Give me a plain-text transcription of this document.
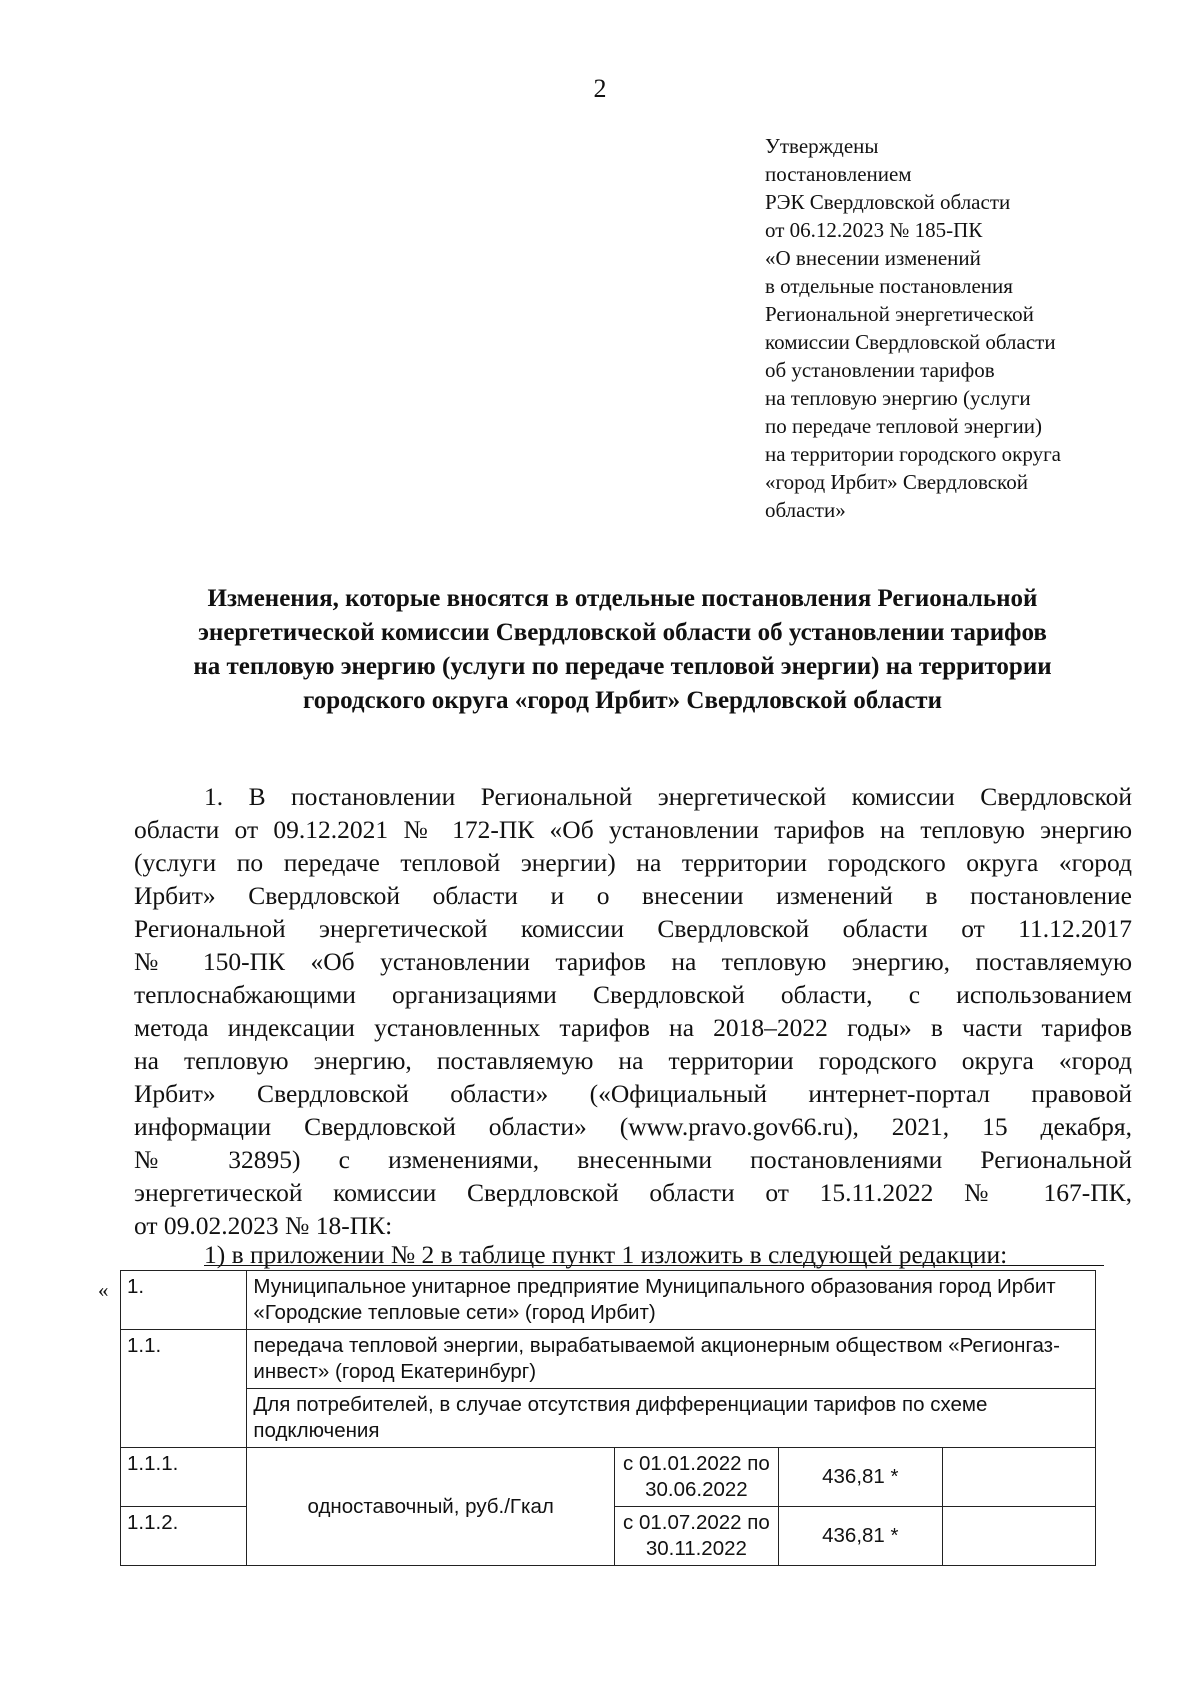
2
Утверждены
постановлением
РЭК Свердловской области
от 06.12.2023 № 185-ПК
«О внесении изменений
в отдельные постановления
Региональной энергетической
комиссии Свердловской области
об установлении тарифов
на тепловую энергию (услуги
по передаче тепловой энергии)
на территории городского округа
«город Ирбит» Свердловской
области»
Изменения, которые вносятся в отдельные постановления Региональной
энергетической комиссии Свердловской области об установлении тарифов
на тепловую энергию (услуги по передаче тепловой энергии) на территории
городского округа «город Ирбит» Свердловской области
1. В постановлении Региональной энергетической комиссии Свердловской
области от 09.12.2021 № 172-ПК «Об установлении тарифов на тепловую энергию
(услуги по передаче тепловой энергии) на территории городского округа «город
Ирбит» Свердловской области и о внесении изменений в постановление
Региональной энергетической комиссии Свердловской области от 11.12.2017
№ 150-ПК «Об установлении тарифов на тепловую энергию, поставляемую
теплоснабжающими организациями Свердловской области, с использованием
метода индексации установленных тарифов на 2018–2022 годы» в части тарифов
на тепловую энергию, поставляемую на территории городского округа «город
Ирбит» Свердловской области» («Официальный интернет-портал правовой
информации Свердловской области» (www.pravo.gov66.ru), 2021, 15 декабря,
№ 32895) с изменениями, внесенными постановлениями Региональной
энергетической комиссии Свердловской области от 15.11.2022 № 167-ПК,
от 09.02.2023 № 18-ПК:
1) в приложении № 2 в таблице пункт 1 изложить в следующей редакции:
« 1.	Муниципальное унитарное предприятие Муниципального образования город Ирбит «Городские тепловые сети» (город Ирбит)			
1.1.	передача тепловой энергии, вырабатываемой акционерным обществом «Регионгаз-инвест» (город Екатеринбург)			
	Для потребителей, в случае отсутствия дифференциации тарифов по схеме подключения			
1.1.1.	одноставочный, руб./Гкал	с 01.01.2022 по 30.06.2022	436,81 *	
1.1.2.		с 01.07.2022 по 30.11.2022	436,81 *	
